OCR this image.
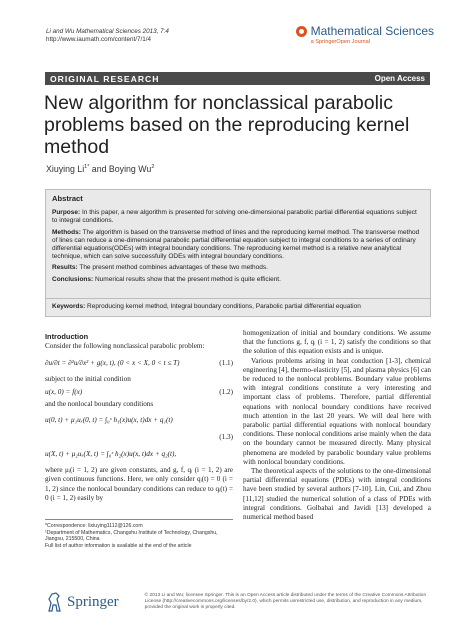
Li and Wu Mathematical Sciences 2013, 7:4
http://www.iaumath.com/content/7/1/4
Mathematical Sciences
a SpringerOpen Journal
ORIGINAL RESEARCH	Open Access
New algorithm for nonclassical parabolic problems based on the reproducing kernel method
Xiuying $Li^{1*}$ and Boying Wu$^2$
Abstract

Purpose: In this paper, a new algorithm is presented for solving one-dimensional parabolic partial differential equations subject to integral conditions.

Methods: The algorithm is based on the transverse method of lines and the reproducing kernel method. The transverse method of lines can reduce a one-dimensional parabolic partial differential equation subject to integral conditions to a series of ordinary differential equations(ODEs) with integral boundary conditions. The reproducing kernel method is a relative new analytical technique, which can solve successfully ODEs with integral boundary conditions.

Results: The present method combines advantages of these two methods.

Conclusions: Numerical results show that the present method is quite efficient.

Keywords: Reproducing kernel method, Integral boundary conditions, Parabolic partial differential equation
Introduction

Consider the following nonclassical parabolic problem:

∂u/∂t = ∂²u/∂x² + g(x, t), (0 < x < X, 0 < t ≤ T)	(1.1)

subject to the initial condition

u(x, 0) = f(x)	(1.2)

and the nonlocal boundary conditions

u(0, t) + μ₁uₓ(0, t) = ∫₀ˣ h₁(x)u(x, t)dx + q₁(t)
(1.3)
u(X, t) + μ₂uₓ(X, t) = ∫₀ˣ h₂(x)u(x, t)dx + q₂(t),

where μᵢ(i = 1, 2) are given constants, and g, f, qᵢ (i = 1, 2) are given continuous functions. Here, we only consider qᵢ(t) = 0 (i = 1, 2) since the nonlocal boundary conditions can reduce to qᵢ(t) = 0 (i = 1, 2) easily by

homogenization of initial and boundary conditions. We assume that the functions g, f, qᵢ (i = 1, 2) satisfy the conditions so that the solution of this equation exists and is unique.

Various problems arising in heat conduction [1-3], chemical engineering [4], thermo-elasticity [5], and plasma physics [6] can be reduced to the nonlocal problems. Boundary value problems with integral conditions constitute a very interesting and important class of problems. Therefore, partial differential equations with nonlocal boundary conditions have received much attention in the last 20 years. We will deal here with parabolic partial differential equations with nonlocal boundary conditions. These nonlocal conditions arise mainly when the data on the boundary cannot be measured directly. Many physical phenomena are modeled by parabolic boundary value problems with nonlocal boundary conditions.

The theoretical aspects of the solutions to the one-dimensional partial differential equations (PDEs) with integral conditions have been studied by several authors [7-10]. Lin, Cui, and Zhou [11,12] studied the numerical solution of a class of PDEs with integral conditions. Golbabai and Javidi [13] developed a numerical method based

*Correspondence: lixiuying1112@126.com
¹Department of Mathematics, Changshu Institute of Technology, Changshu, Jiangsu, 215500, China
Full list of author information is available at the end of the article
Springer	© 2013 Li and Wu; licensee Springer. This is an Open Access article distributed under the terms of the Creative Commons Attribution License (http://creativecommons.org/licenses/by/2.0), which permits unrestricted use, distribution, and reproduction in any medium, provided the original work is properly cited.
